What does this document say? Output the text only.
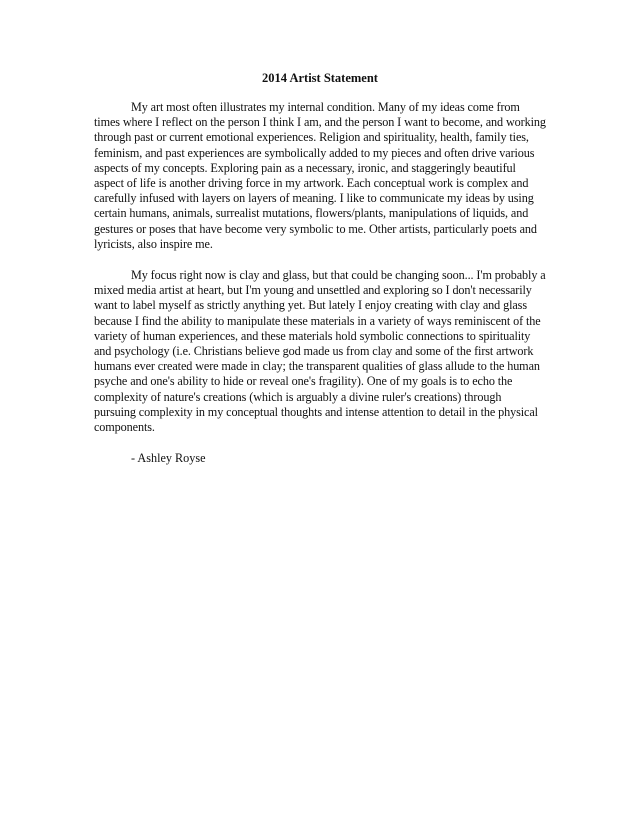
2014 Artist Statement

My art most often illustrates my internal condition. Many of my ideas come from times where I reflect on the person I think I am, and the person I want to become, and working through past or current emotional experiences. Religion and spirituality, health, family ties, feminism, and past experiences are symbolically added to my pieces and often drive various aspects of my concepts. Exploring pain as a necessary, ironic, and staggeringly beautiful aspect of life is another driving force in my artwork. Each conceptual work is complex and carefully infused with layers on layers of meaning. I like to communicate my ideas by using certain humans, animals, surrealist mutations, flowers/plants, manipulations of liquids, and gestures or poses that have become very symbolic to me. Other artists, particularly poets and lyricists, also inspire me.

My focus right now is clay and glass, but that could be changing soon... I'm probably a mixed media artist at heart, but I'm young and unsettled and exploring so I don't necessarily want to label myself as strictly anything yet. But lately I enjoy creating with clay and glass because I find the ability to manipulate these materials in a variety of ways reminiscent of the variety of human experiences, and these materials hold symbolic connections to spirituality and psychology (i.e. Christians believe god made us from clay and some of the first artwork humans ever created were made in clay; the transparent qualities of glass allude to the human psyche and one's ability to hide or reveal one's fragility). One of my goals is to echo the complexity of nature's creations (which is arguably a divine ruler's creations) through pursuing complexity in my conceptual thoughts and intense attention to detail in the physical components.

- Ashley Royse
